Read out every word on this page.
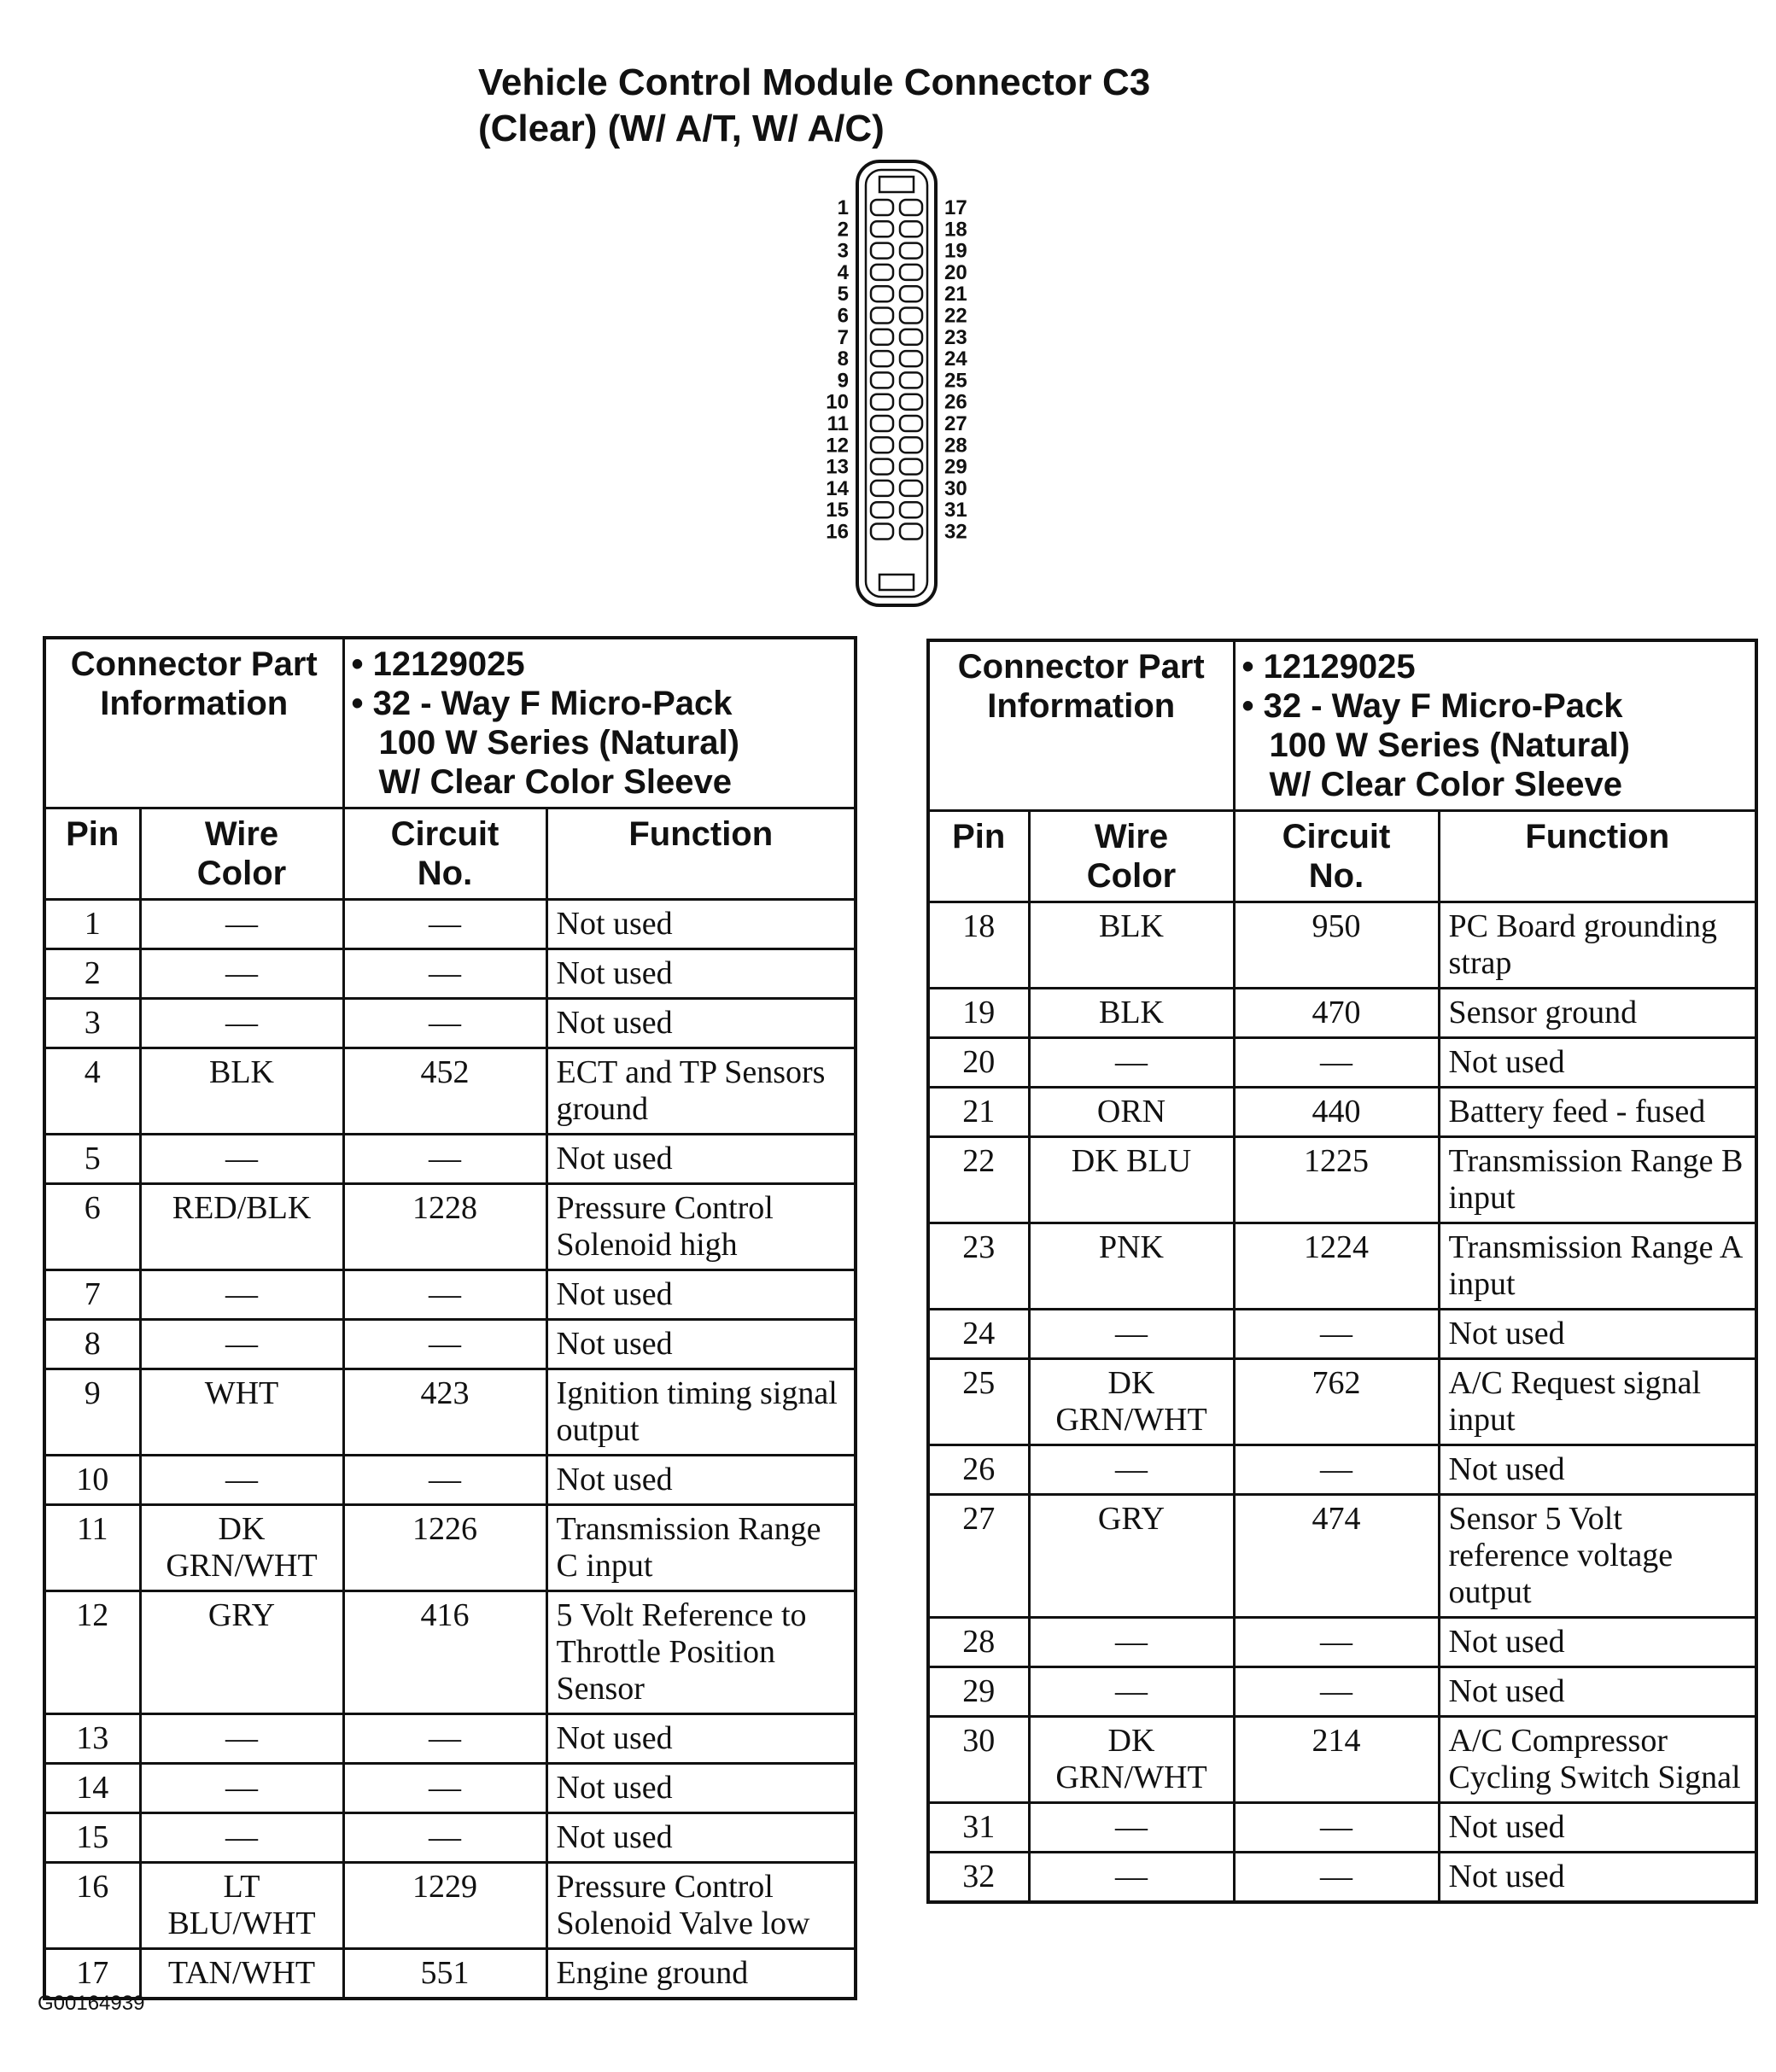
Vehicle Control Module Connector C3
(Clear) (W/ A/T, W/ A/C)
1
2
3
4
5
6
7
8
9
10
11
12
13
14
15
16
17
18
19
20
21
22
23
24
25
26
27
28
29
30
31
32
Connector Part Information		• 12129025
• 32 - Way F Micro-Pack
100 W Series (Natural)
W/ Clear Color Sleeve

Pin	Wire Color	Circuit No.	Function
1	—	—	Not used
2	—	—	Not used
3	—	—	Not used
4	BLK	452	ECT and TP Sensors ground
5	—	—	Not used
6	RED/BLK	1228	Pressure Control Solenoid high
7	—	—	Not used
8	—	—	Not used
9	WHT	423	Ignition timing signal output
10	—	—	Not used
11	DK GRN/WHT	1226	Transmission Range C input
12	GRY	416	5 Volt Reference to Throttle Position Sensor
13	—	—	Not used
14	—	—	Not used
15	—	—	Not used
16	LT BLU/WHT	1229	Pressure Control Solenoid Valve low
17	TAN/WHT	551	Engine ground
Connector Part Information		• 12129025
• 32 - Way F Micro-Pack
100 W Series (Natural)
W/ Clear Color Sleeve

Pin	Wire Color	Circuit No.	Function
18	BLK	950	PC Board grounding strap
19	BLK	470	Sensor ground
20	—	—	Not used
21	ORN	440	Battery feed - fused
22	DK BLU	1225	Transmission Range B input
23	PNK	1224	Transmission Range A input
24	—	—	Not used
25	DK GRN/WHT	762	A/C Request signal input
26	—	—	Not used
27	GRY	474	Sensor 5 Volt reference voltage output
28	—	—	Not used
29	—	—	Not used
30	DK GRN/WHT	214	A/C Compressor Cycling Switch Signal
31	—	—	Not used
32	—	—	Not used
G00164939
